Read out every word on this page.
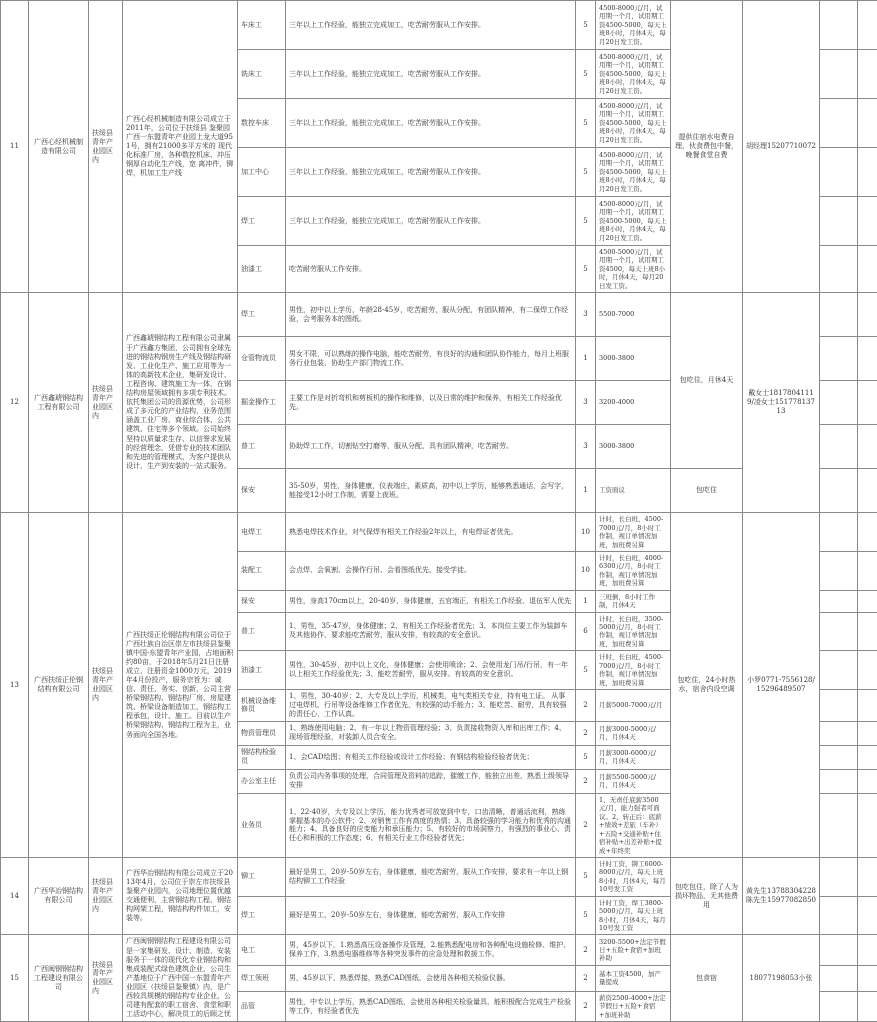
11	广西心经机械制造有限公司	扶绥县青年产业园区内	广西心经机械制造有限公司成立于2011年，公司位于扶绥县 鉴聚园广西一东盟青年产业园上龙大道951号，拥有21000多平方米的 现代化标准厂房，各种数控机床、冲压钢厚自动化生产线，宽 离冲件，铆焊，机加工生产线	车床工	三年以上工作经验，能独立完成加工，吃苦耐劳服从工作安排。	5	4500-8000元/月，试用期一个月，试用期工资4500-5000，每天上班8小时，月休4天，每月20日发工资。	提供住宿水电费自理，伙食费包中餐，晚餐食堂自费	胡经理15207710072		
				铣床工	三年以上工作经验，能独立完成加工，吃苦耐劳服从工作安排。	5	4500-8000元/月，试用期一个月，试用期工资4500-5000，每天上班8小时，月休4天，每月20日发工资。				
				数控车床	三年以上工作经验，能独立完成加工，吃苦耐劳服从工作安排。	5	4500-8000元/月，试用期一个月，试用期工资4500-5000，每天上班8小时，月休4天，每月20日发工资。				
				加工中心	三年以上工作经验，能独立完成加工，吃苦耐劳服从工作安排。	5	4500-8000元/月，试用期一个月，试用期工资4500-5000，每天上班8小时，月休4天，每月20日发工资。				
				焊工	三年以上工作经验，能独立完成加工，吃苦耐劳服从工作安排。	5	4500-8000元/月，试用期一个月，试用期工资4500-5000，每天上班8小时，月休4天，每月20日发工资。				
				油漆工	吃苦耐劳服从工作安排。	5	4500-5000元/月，试用期一个月，试用期工资4500，每天上班8小时，月休4天，每月20日发工资。				
12	广西鑫琥钢结构工程有限公司	扶绥县青年产业园区内	广西鑫琥钢结构工程有限公司隶属于广西鑫方集团，公司拥有全球先进的钢结构钢房生产线及钢结构研发、工业化生产、施工应用等为一体的高新技术企业，集研发设计、工程咨询、建筑施工为一体，在钢结构房屋领域拥有多项专利技术。依托集团公司的资源优势，公司形成了多元化的产业结构，业务范围涵盖工业厂房、商业综合体、公共建筑、住宅等多个领域。公司始终坚持以质量求生存、以信誉求发展的经营理念，凭借专业的技术团队和先进的管理模式，为客户提供从设计、生产到安装的一站式服务。	焊工	男性，初中以上学历，年龄28-45岁，吃苦耐劳，服从分配，有团队精神，有二保焊工作经验，会考服务本的图纸。	3	5500-7000	包吃住，月休4天	戴女士18178041119/凌女士15177813713		
				仓管物流员	男女不限，可以熟练的操作电脑，能吃苦耐劳，有良好的沟通和团队协作能力，每月上班服务行业包装，协助生产部门物流工作。	1	3000-3800				
				掘金操作工	主要工作是对折弯机和剪板机的操作和维修，以及日常的维护和保养，有相关工作经验优先。	3	3200-4000				
				普工	协助焊工工作，切割钻空打磨等，服从分配，具有团队精神，吃苦耐劳。	3	3000-3800				
				保安	35-50岁，男性，身体健康，仪表端庄，素质高，初中以上学历，能够熟悉通话，会写字，能接受12小时工作制，需要上夜班。	1	工资面议	包吃住			
13	广西扶绥正伦钢结构有限公司	扶绥县青年产业园区内	广西扶绥正伦钢结构有限公司位于广西壮族自治区崇左市扶绥县鉴聚镇中国-东盟青年产业园，占地面积约80亩，于2018年5月21日注册成立，注册资金1000万元，2019年4月份投产，服务宗旨为：诚信、责任、务实、创新，公司主营桥梁钢结构、钢结构厂房、房屋建筑、桥梁设备制造加工，钢结构工程承包，设计、施工。目前以生产桥梁钢结构、钢结构工程为主，业务面向全国各地。	电焊工	熟悉电焊技术作业，对气保焊有相关工作经验2年以上，有电焊证者优先。	10	计时，长白班，4500-7000元/月，8小时工作制，视订单情况加班，加班费另算	包吃住，24小时热水，宿舍内设空调	小罗0771-7556128/15296489507		
				装配工	会点焊、会氧割、会操作行吊、会看图纸优先，接受学徒。	10	计时，长白班，4000-6300元/月，8小时工作制，视订单情况加班，加班费另算				
				保安	男性，身高170cm以上，20-40岁，身体健康，五官端正，有相关工作经验、退伍军人优先	1	三班倒，8小时工作制，月休4天				
				普工	1、男性，35-47岁，身体健康；2、有相关工作经验者优先；3、本岗位主要工作为装卸车及其他协作，要求能吃苦耐劳，服从安排，有较高的安全意识。	6	计时，长白班，3500-5000元/月，8小时工作制，视订单情况加班，加班费另算				
				油漆工	男性，30-45岁，初中以上文化，身体健康；会使用喷涂；2、会使用龙门吊/行吊，有一年以上相关工作经验优先；3、能吃苦耐劳，服从安排。有较高的安全意识。	5	计时，长白班，4500-7000元/月，8小时工作制，视订单情况加班，加班费另算				
				机械设备维修员	1、男性，30-40岁；2、大专及以上学历，机械类，电气类相关专业，持有电工证。 从事过电焊机、行吊等设备维修工作者优先，有较强的动手能力；3、能吃苦、耐劳，具有较强的责任心，工作认真。	2	月薪5000-7000元/月				
				物资管理员	1、熟练使用电脑；2、有一年以上物资管理经验；3、负责接收物资入库和出库工作；4、现场管理经验，对装卸人员合安全。	2	月薪3000-5000元/月，月休4天				
				钢结构检验员	1、会CAD绘图；有相关工作经验或设计工作经验；有钢结构检验经验者优先；	5	月薪3000-6000元/月，月休4天				
				办公室主任	负责公司内务事项的处理，合同管理及资料的追踪，催缴工作，能独立出差，熟悉上级领导安排	2	月薪5500-5000元/月，月休4天				
				业务员	1、22-40岁，大专及以上学历，能力优秀者可放宽到中专，口齿清晰，普通话流利，熟练掌握基本的办公软件；2、对销售工作有高度的热情；3、具备较强的学习能力和优秀的沟通能力；4、具备良好的应变能力和承压能力；5、有较好的市场洞察力，有强烈的事业心、责任心和积极的工作态度；6、有相关行业工作经验者优先；	2	1、无责任底薪3500元/月，能力强者可面议。2、转正后：底薪+绩效+差旅（车补）+五险+交通补贴+住宿补贴+出差补贴+提成+年终奖				
14	广西华冶钢结构有限公司	扶绥县青年产业园区内	广西华冶钢结构有限公司成立于2013年4月，公司位于崇左市扶绥县鉴聚产业园内，公司地理位置优越交通便利，主营钢结构工程、钢结构网架工程，钢结构构件加工，安装等。	铆工	最好是男工，20岁-50岁左右，身体健康，能吃苦耐劳，服从工作安排，要求有一年以上钢结构铆工工作经验	5	计时工资，铆工6000-8000元/月，每天上班8小时，月休4天，每月10号发工资	包吃包住，除了人为损坏物品，无其他费用	黄先生13788304228陈先生15977082850		
				焊工	最好是男工，20岁-50岁左右，身体健康，能吃苦耐劳，服从工作安排	5	计时工资，焊工3800-5000元/月，每天上班8小时，月休4天，每月10号发工资				
15	广西闽钢钢结构工程建设有限公司	扶绥县青年产业园区内	广西闽钢钢结构工程建设有限公司是一家集研发、设计、制造、安装服务于一体的现代化专业钢结构和集成装配式绿色建筑企业，公司生产基地位于广西中国一东盟青年产业园区（扶绥县鉴聚镇）内，是广西较具规模的钢结构专业企业，公司建有配套的职工宿舍、食堂和职工活动中心，解决员工的后顾之忧	电工	男，45岁以下，1.熟悉高压设备操作及管理，2.能熟悉配电房和各种配电设施检修、维护、保养工作，3.熟悉电器维修等各种突发事件的应急处理和救援工作。	2	3200-5500+法定节假日+五险+食宿+加班补助	包食宿	18077198053小张		
				焊工领班	男，45岁以下，熟悉焊接，熟悉CAD图纸，会使用各种相关检验仪器。	2	基本工资4500，加产量提成				
				品管	男性，中专以上学历，熟悉CAD图纸，会使用各种相关检验量具，能积极配合完成生产检验等工作，有经验者优先	2	薪资2500-4000+法定节假日+五险+食宿+加班补助				
